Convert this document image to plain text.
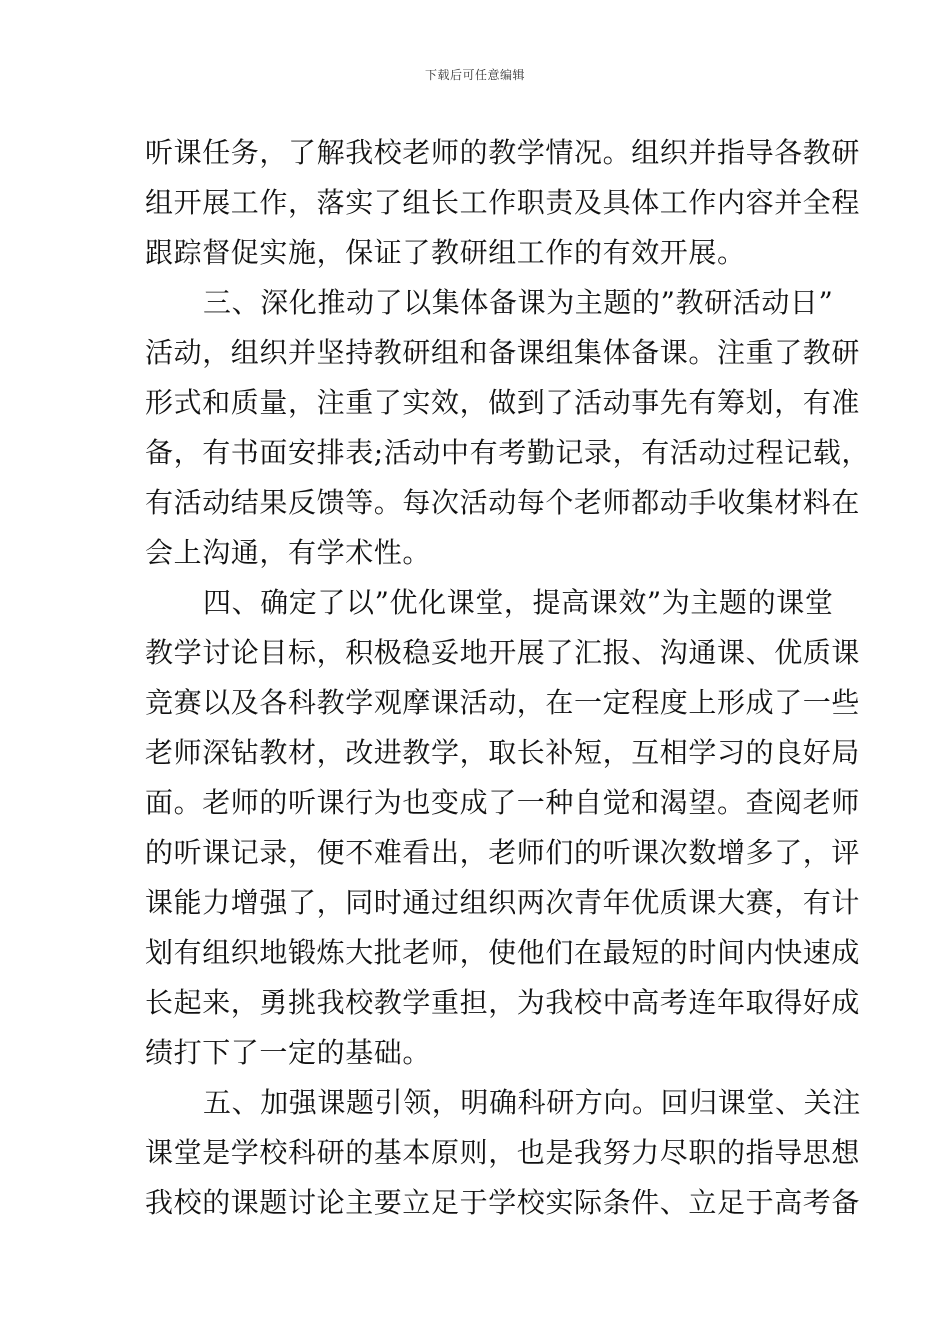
下载后可任意编辑
听课任务，了解我校老师的教学情况。组织并指导各教研
组开展工作，落实了组长工作职责及具体工作内容并全程
跟踪督促实施，保证了教研组工作的有效开展。
三、深化推动了以集体备课为主题的”教研活动日”
活动，组织并坚持教研组和备课组集体备课。注重了教研
形式和质量，注重了实效，做到了活动事先有筹划，有准
备，有书面安排表;活动中有考勤记录，有活动过程记载，
有活动结果反馈等。每次活动每个老师都动手收集材料在
会上沟通，有学术性。
四、确定了以”优化课堂，提高课效”为主题的课堂
教学讨论目标，积极稳妥地开展了汇报、沟通课、优质课
竞赛以及各科教学观摩课活动，在一定程度上形成了一些
老师深钻教材，改进教学，取长补短，互相学习的良好局
面。老师的听课行为也变成了一种自觉和渴望。查阅老师
的听课记录，便不难看出，老师们的听课次数增多了，评
课能力增强了，同时通过组织两次青年优质课大赛，有计
划有组织地锻炼大批老师，使他们在最短的时间内快速成
长起来，勇挑我校教学重担，为我校中高考连年取得好成
绩打下了一定的基础。
五、加强课题引领，明确科研方向。回归课堂、关注
课堂是学校科研的基本原则，也是我努力尽职的指导思想
我校的课题讨论主要立足于学校实际条件、立足于高考备
